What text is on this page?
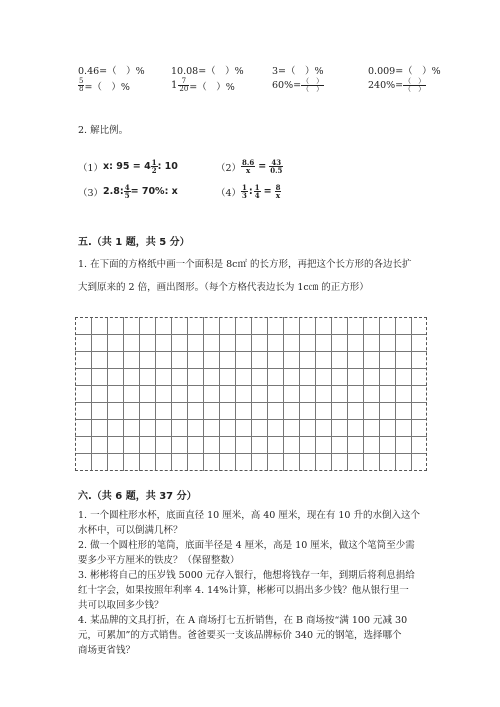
0.46=（　）%	10.08=（　）%	3=（　）%	0.009=（　）%
$\frac{5}{8}$ =（　）%	$1 \frac{7}{20}$ =（　）%	$60\%= \frac{( )}{( )}$	$240\%= \frac{( )}{( )}$
2. 解比例。
（1） x: $95 = 4 \frac{1}{2}$ : 10	$(2) \frac{8.6}{x} = \frac{43}{0.5}$
（3） 2.8: $\frac{4}{5} = 70\%$: x	$(4) \frac{1}{3}$ : $\frac{1}{4} = \frac{8}{x}$
五.（共 1 题，共 5 分）
1. 在下面的方格纸中画一个面积是 8c㎡ 的长方形，再把这个长方形的各边长扩
大到原来的 2 倍，画出图形。（每个方格代表边长为 1c㎝ 的正方形）
六.（共 6 题，共 37 分）
1. 一个圆柱形水杯，底面直径 10 厘米，高 40 厘米，现在有 10 升的水倒入这个
水杯中，可以倒满几杯？
2. 做一个圆柱形的笔筒，底面半径是 4 厘米，高是 10 厘米，做这个笔筒至少需
要多少平方厘米的铁皮？（保留整数）
3. 彬彬将自己的压岁钱 5000 元存入银行，他想将钱存一年，到期后将利息捐给
红十字会，如果按照年利率 4. 14%计算，彬彬可以捐出多少钱？他从银行里一
共可以取回多少钱？
4. 某品牌的文具打折，在 A 商场打七五折销售，在 B 商场按“满 100 元减 30
元，可累加”的方式销售。爸爸要买一支该品牌标价 340 元的钢笔，选择哪个
商场更省钱？
